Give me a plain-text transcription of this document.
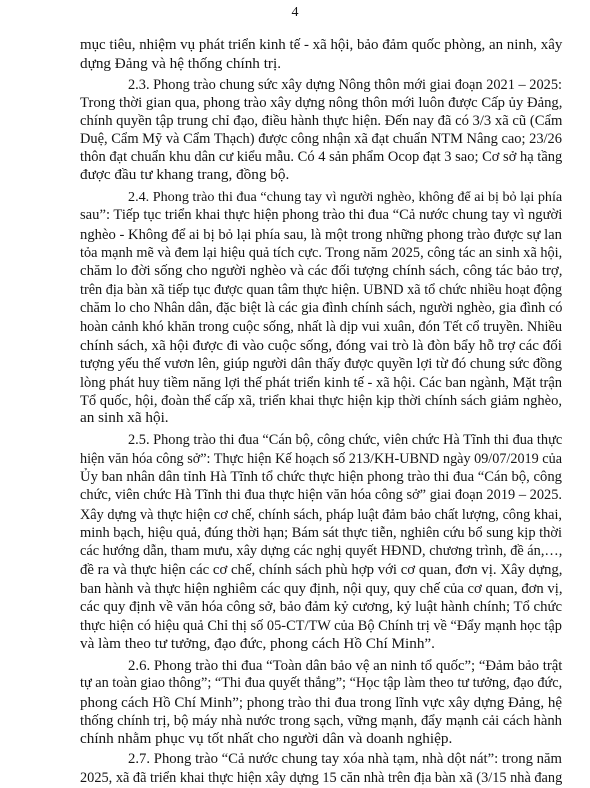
4
mục tiêu, nhiệm vụ phát triển kinh tế - xã hội, bảo đảm quốc phòng, an ninh, xây
dựng Đảng và hệ thống chính trị.
2.3. Phong trào chung sức xây dựng Nông thôn mới giai đoạn 2021 – 2025:
Trong thời gian qua, phong trào xây dựng nông thôn mới luôn được Cấp ủy Đảng,
chính quyền tập trung chỉ đạo, điều hành thực hiện. Đến nay đã có 3/3 xã cũ (Cẩm
Duệ, Cẩm Mỹ và Cẩm Thạch) được công nhận xã đạt chuẩn NTM Nâng cao; 23/26
thôn đạt chuẩn khu dân cư kiểu mẫu. Có 4 sản phẩm Ocop đạt 3 sao; Cơ sở hạ tầng
được đầu tư khang trang, đồng bộ.
2.4. Phong trào thi đua “chung tay vì người nghèo, không để ai bị bỏ lại phía
sau”: Tiếp tục triển khai thực hiện phong trào thi đua “Cả nước chung tay vì người
nghèo - Không để ai bị bỏ lại phía sau, là một trong những phong trào được sự lan
tỏa mạnh mẽ và đem lại hiệu quả tích cực. Trong năm 2025, công tác an sinh xã hội,
chăm lo đời sống cho người nghèo và các đối tượng chính sách, công tác bảo trợ,
trên địa bàn xã tiếp tục được quan tâm thực hiện. UBND xã tổ chức nhiều hoạt động
chăm lo cho Nhân dân, đặc biệt là các gia đình chính sách, người nghèo, gia đình có
hoàn cảnh khó khăn trong cuộc sống, nhất là dịp vui xuân, đón Tết cổ truyền. Nhiều
chính sách, xã hội được đi vào cuộc sống, đóng vai trò là đòn bẩy hỗ trợ các đối
tượng yếu thế vươn lên, giúp người dân thấy được quyền lợi từ đó chung sức đồng
lòng phát huy tiềm năng lợi thế phát triển kinh tế - xã hội. Các ban ngành, Mặt trận
Tổ quốc, hội, đoàn thể cấp xã, triển khai thực hiện kịp thời chính sách giảm nghèo,
an sinh xã hội.
2.5. Phong trào thi đua “Cán bộ, công chức, viên chức Hà Tĩnh thi đua thực
hiện văn hóa công sở”: Thực hiện Kế hoạch số 213/KH-UBND ngày 09/07/2019 của
Ủy ban nhân dân tỉnh Hà Tĩnh tổ chức thực hiện phong trào thi đua “Cán bộ, công
chức, viên chức Hà Tĩnh thi đua thực hiện văn hóa công sở” giai đoạn 2019 – 2025.
Xây dựng và thực hiện cơ chế, chính sách, pháp luật đảm bảo chất lượng, công khai,
minh bạch, hiệu quả, đúng thời hạn; Bám sát thực tiễn, nghiên cứu bổ sung kịp thời
các hướng dẫn, tham mưu, xây dựng các nghị quyết HĐND, chương trình, đề án,…,
đề ra và thực hiện các cơ chế, chính sách phù hợp với cơ quan, đơn vị. Xây dựng,
ban hành và thực hiện nghiêm các quy định, nội quy, quy chế của cơ quan, đơn vị,
các quy định về văn hóa công sở, bảo đảm kỷ cương, kỷ luật hành chính; Tổ chức
thực hiện có hiệu quả Chỉ thị số 05-CT/TW của Bộ Chính trị về “Đẩy mạnh học tập
và làm theo tư tưởng, đạo đức, phong cách Hồ Chí Minh”.
2.6. Phong trào thi đua “Toàn dân bảo vệ an ninh tổ quốc”; “Đảm bảo trật
tự an toàn giao thông”; “Thi đua quyết thắng”; “Học tập làm theo tư tưởng, đạo đức,
phong cách Hồ Chí Minh”; phong trào thi đua trong lĩnh vực xây dựng Đảng, hệ
thống chính trị, bộ máy nhà nước trong sạch, vững mạnh, đẩy mạnh cải cách hành
chính nhằm phục vụ tốt nhất cho người dân và doanh nghiệp.
2.7. Phong trào “Cả nước chung tay xóa nhà tạm, nhà dột nát”: trong năm
2025, xã đã triển khai thực hiện xây dựng 15 căn nhà trên địa bàn xã (3/15 nhà đang
